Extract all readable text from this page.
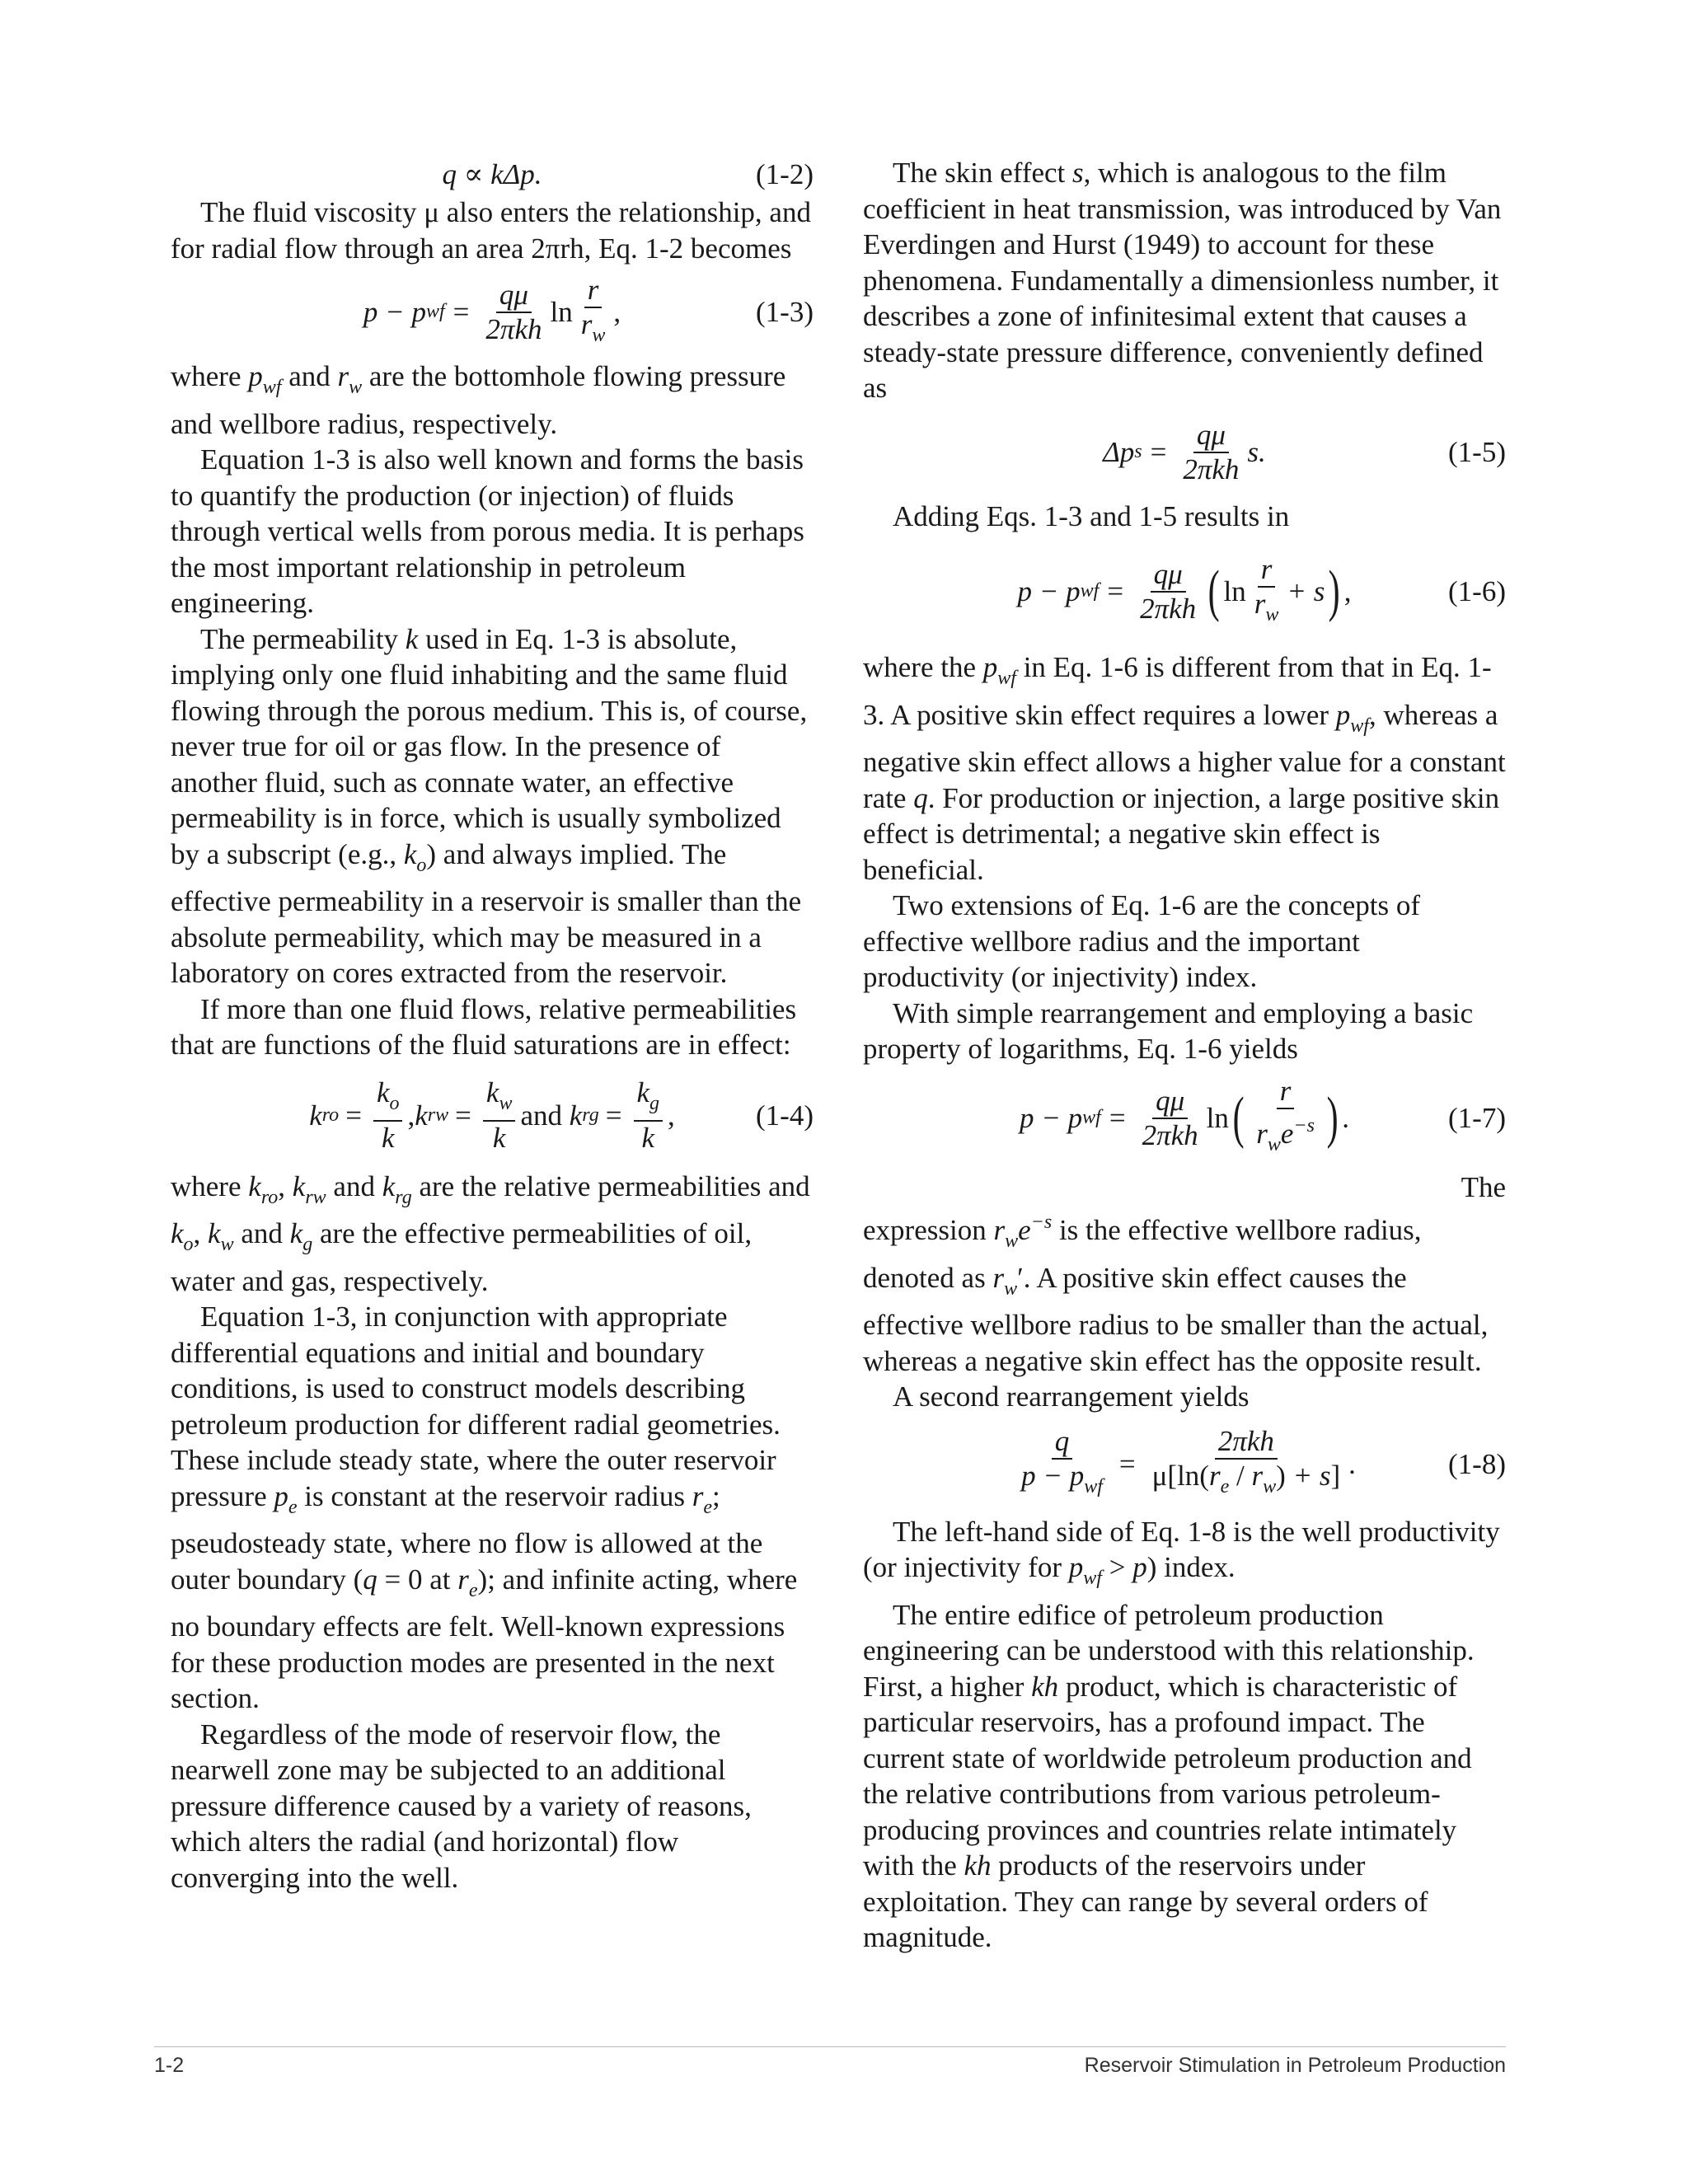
q ∝ kΔp.	(1-2)

The fluid viscosity μ also enters the relationship, and for radial flow through an area 2πrh, Eq. 1-2 becomes

p − p wf = $\frac{q\mu}{\text{2πkh}}$ $\ln \frac{r}{r_w}$ ,	(1-3)

where $p_{wf}$ and $r_w$ are the bottomhole flowing pressure and wellbore radius, respectively.

Equation 1-3 is also well known and forms the basis to quantify the production (or injection) of fluids through vertical wells from porous media. It is perhaps the most important relationship in petroleum engineering.

The permeability k used in Eq. 1-3 is absolute, implying only one fluid inhabiting and the same fluid flowing through the porous medium. This is, of course, never true for oil or gas flow. In the presence of another fluid, such as connate water, an effective permeability is in force, which is usually symbolized by a subscript (e.g., $k_o$) and always implied. The effective permeability in a reservoir is smaller than the absolute permeability, which may be measured in a laboratory on cores extracted from the reservoir.

If more than one fluid flows, relative permeabilities that are functions of the fluid saturations are in effect:

k ro = $\frac{k_o}{k}$ , k rw = $\frac{k_w}{k}$ and
k rg = $\frac{k_g}{k}$ ,	(1-4)

where $k_{ro}$, $k_{rw}$ and $k_{rg}$ are the relative permeabilities and $k_o$, $k_w$ and $k_g$ are the effective permeabilities of oil, water and gas, respectively.

Equation 1-3, in conjunction with appropriate differential equations and initial and boundary conditions, is used to construct models describing petroleum production for different radial geometries. These include steady state, where the outer reservoir pressure $p_e$ is constant at the reservoir radius $r_e$; pseudosteady state, where no flow is allowed at the outer boundary (q = 0 at $r_e$); and infinite acting, where no boundary effects are felt. Well-known expressions for these production modes are presented in the next section.

Regardless of the mode of reservoir flow, the nearwell zone may be subjected to an additional pressure difference caused by a variety of reasons, which alters the radial (and horizontal) flow converging into the well.

The skin effect s, which is analogous to the film coefficient in heat transmission, was introduced by Van Everdingen and Hurst (1949) to account for these phenomena. Fundamentally a dimensionless number, it describes a zone of infinitesimal extent that causes a steady-state pressure difference, conveniently defined as

Δp $s = \frac{q\mu}{\text{2πkh}} s$.	(1-5)

Adding Eqs. 1-3 and 1-5 results in

p − p wf = $\frac{q\mu}{\text{2πkh}}$ ( $\ln \frac{r}{r_w} + s$ ) ,	(1-6)

where the $p_{wf}$ in Eq. 1-6 is different from that in Eq. 1-3. A positive skin effect requires a lower $p_{wf}$, whereas a negative skin effect allows a higher value for a constant rate q. For production or injection, a large positive skin effect is detrimental; a negative skin effect is beneficial.

Two extensions of Eq. 1-6 are the concepts of effective wellbore radius and the important productivity (or injectivity) index.

With simple rearrangement and employing a basic property of logarithms, Eq. 1-6 yields

p − p wf = $\frac{q\mu}{\text{2πkh}}$ ln ( $\frac{r}{r_we^{-s}}$ ) .	(1-7)
The

expression $r_we^{-s}$ is the effective wellbore radius, denoted as $r_w'$. A positive skin effect causes the effective wellbore radius to be smaller than the actual, whereas a negative skin effect has the opposite result.

A second rearrangement yields

$\frac{q}{p - p_{wf}} = \frac{\text{2πkh}}{\mu[\ln(r_e / r_w) + s]}$ .	(1-8)

The left-hand side of Eq. 1-8 is the well productivity (or injectivity for $p_{wf} > p$) index.

The entire edifice of petroleum production engineering can be understood with this relationship. First, a higher kh product, which is characteristic of particular reservoirs, has a profound impact. The current state of worldwide petroleum production and the relative contributions from various petroleum-producing provinces and countries relate intimately with the kh products of the reservoirs under exploitation. They can range by several orders of magnitude.

1-2	Reservoir Stimulation in Petroleum Production
